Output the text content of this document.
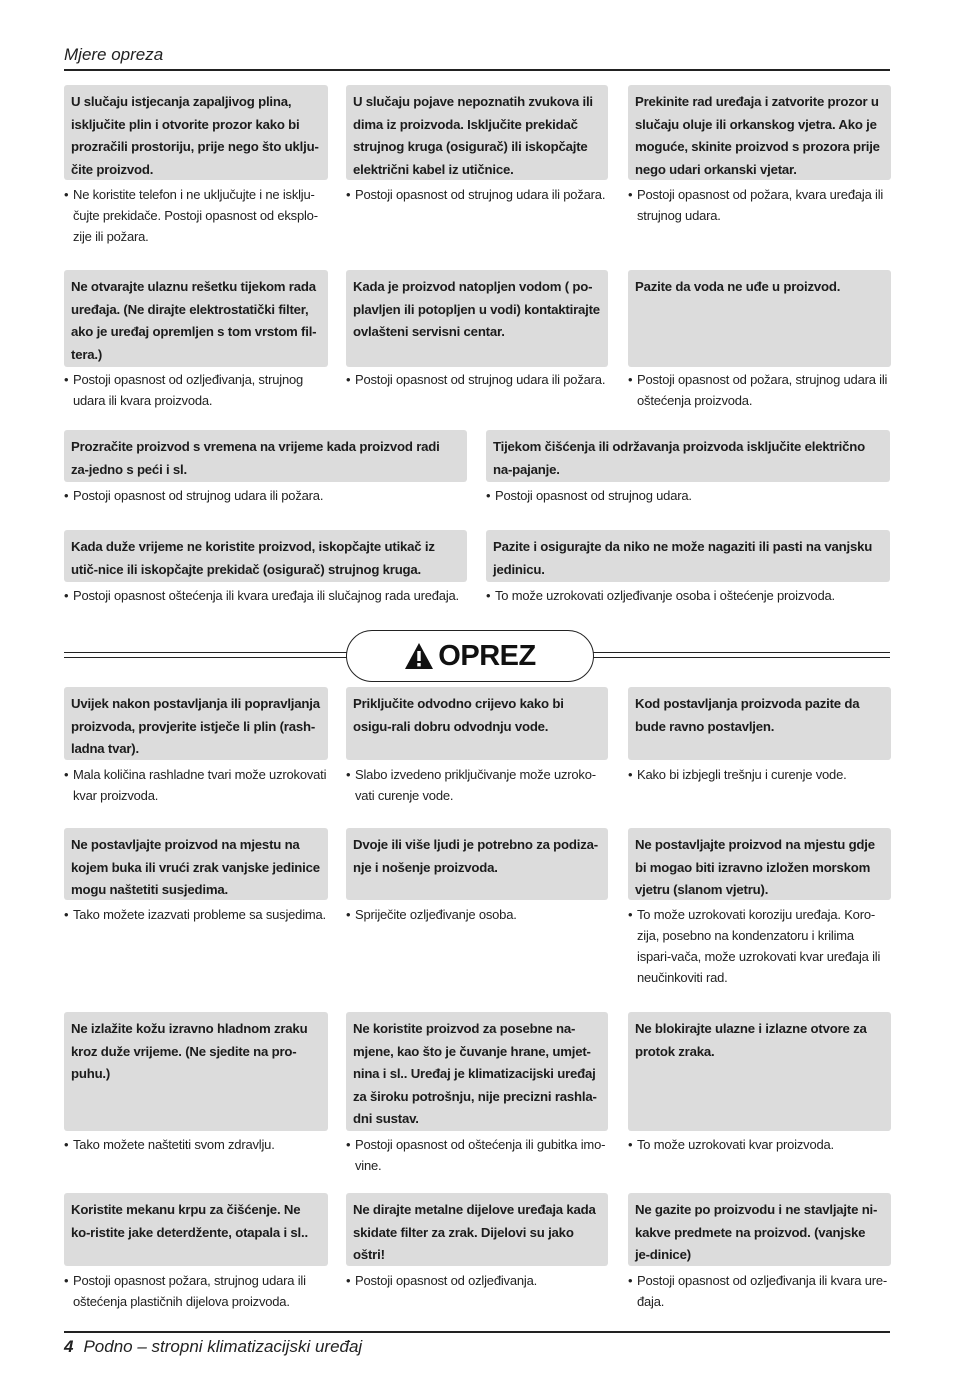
Mjere opreza
U slučaju istjecanja zapaljivog plina, isključite plin i otvorite prozor kako bi prozračili prostoriju, prije nego što uklju-čite proizvod.
• Ne koristite telefon i ne uključujte i ne isklju-čujte prekidače. Postoji opasnost od eksplo-zije ili požara.
U slučaju pojave nepoznatih zvukova ili dima iz proizvoda. Isključite prekidač strujnog kruga (osigurač) ili iskopčajte električni kabel iz utičnice.
• Postoji opasnost od strujnog udara ili požara.
Prekinite rad uređaja i zatvorite prozor u slučaju oluje ili orkanskog vjetra. Ako je moguće, skinite proizvod s prozora prije nego udari orkanski vjetar.
• Postoji opasnost od požara, kvara uređaja ili strujnog udara.
Ne otvarajte ulaznu rešetku tijekom rada uređaja. (Ne dirajte elektrostatički filter, ako je uređaj opremljen s tom vrstom fil-tera.)
• Postoji opasnost od ozljeđivanja, strujnog udara ili kvara proizvoda.
Kada je proizvod natopljen vodom ( po-plavljen ili potopljen u vodi) kontaktirajte ovlašteni servisni centar.
• Postoji opasnost od strujnog udara ili požara.
Pazite da voda ne uđe u proizvod.
• Postoji opasnost od požara, strujnog udara ili oštećenja proizvoda.
Prozračite proizvod s vremena na vrijeme kada proizvod radi za-jedno s peći i sl.
• Postoji opasnost od strujnog udara ili požara.
Tijekom čišćenja ili održavanja proizvoda isključite električno na-pajanje.
• Postoji opasnost od strujnog udara.
Kada duže vrijeme ne koristite proizvod, iskopčajte utikač iz utič-nice ili iskopčajte prekidač (osigurač) strujnog kruga.
• Postoji opasnost oštećenja ili kvara uređaja ili slučajnog rada uređaja.
Pazite i osigurajte da niko ne može nagaziti ili pasti na vanjsku jedinicu.
• To može uzrokovati ozljeđivanje osoba i oštećenje proizvoda.
OPREZ
Uvijek nakon postavljanja ili popravljanja proizvoda, provjerite istječe li plin (rash-ladna tvar).
• Mala količina rashladne tvari može uzrokovati kvar proizvoda.
Priključite odvodno crijevo kako bi osigu-rali dobru odvodnju vode.
• Slabo izvedeno priključivanje može uzroko-vati curenje vode.
Kod postavljanja proizvoda pazite da bude ravno postavljen.
• Kako bi izbjegli trešnju i curenje vode.
Ne postavljajte proizvod na mjestu na kojem buka ili vrući zrak vanjske jedinice mogu naštetiti susjedima.
• Tako možete izazvati probleme sa susjedima.
Dvoje ili više ljudi je potrebno za podiza-nje i nošenje proizvoda.
• Spriječite ozljeđivanje osoba.
Ne postavljajte proizvod na mjestu gdje bi mogao biti izravno izložen morskom vjetru (slanom vjetru).
• To može uzrokovati koroziju uređaja. Koro-zija, posebno na kondenzatoru i krilima ispari-vača, može uzrokovati kvar uređaja ili neučinkoviti rad.
Ne izlažite kožu izravno hladnom zraku kroz duže vrijeme. (Ne sjedite na pro-puhu.)
• Tako možete naštetiti svom zdravlju.
Ne koristite proizvod za posebne na-mjene, kao što je čuvanje hrane, umjet-nina i sl.. Uređaj je klimatizacijski uređaj za široku potrošnju, nije precizni rashla-dni sustav.
• Postoji opasnost od oštećenja ili gubitka imo-vine.
Ne blokirajte ulazne i izlazne otvore za protok zraka.
• To može uzrokovati kvar proizvoda.
Koristite mekanu krpu za čišćenje. Ne ko-ristite jake deterdžente, otapala i sl..
• Postoji opasnost požara, strujnog udara ili oštećenja plastičnih dijelova proizvoda.
Ne dirajte metalne dijelove uređaja kada skidate filter za zrak. Dijelovi su jako oštri!
• Postoji opasnost od ozljeđivanja.
Ne gazite po proizvodu i ne stavljajte ni-kakve predmete na proizvod. (vanjske je-dinice)
• Postoji opasnost od ozljeđivanja ili kvara ure-đaja.
4 Podno – stropni klimatizacijski uređaj
